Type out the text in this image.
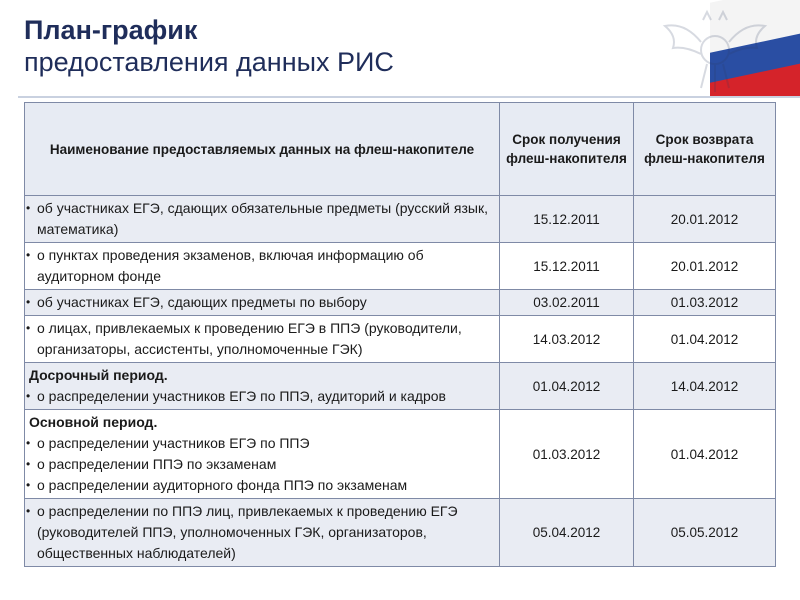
План-график
предоставления данных РИС
Наименование предоставляемых данных на флеш-накопителе	Срок получения флеш-накопителя	Срок возврата флеш-накопителя

• об участниках ЕГЭ, сдающих обязательные предметы (русский язык, математика)	15.12.2011	20.01.2012

• о пунктах проведения экзаменов, включая информацию об аудиторном фонде	15.12.2011	20.01.2012

• об участниках ЕГЭ, сдающих предметы по выбору	03.02.2011	01.03.2012

• о лицах, привлекаемых к проведению ЕГЭ в ППЭ (руководители, организаторы, ассистенты, уполномоченные ГЭК)	14.03.2012	01.04.2012

Досрочный период.
• о распределении участников ЕГЭ по ППЭ, аудиторий и кадров	01.04.2012	14.04.2012

Основной период.
• о распределении участников ЕГЭ по ППЭ
• о распределении ППЭ по экзаменам
• о распределении аудиторного фонда ППЭ по экзаменам	01.03.2012	01.04.2012

• о распределении по ППЭ лиц, привлекаемых к проведению ЕГЭ (руководителей ППЭ, уполномоченных ГЭК, организаторов, общественных наблюдателей)	05.04.2012	05.05.2012
